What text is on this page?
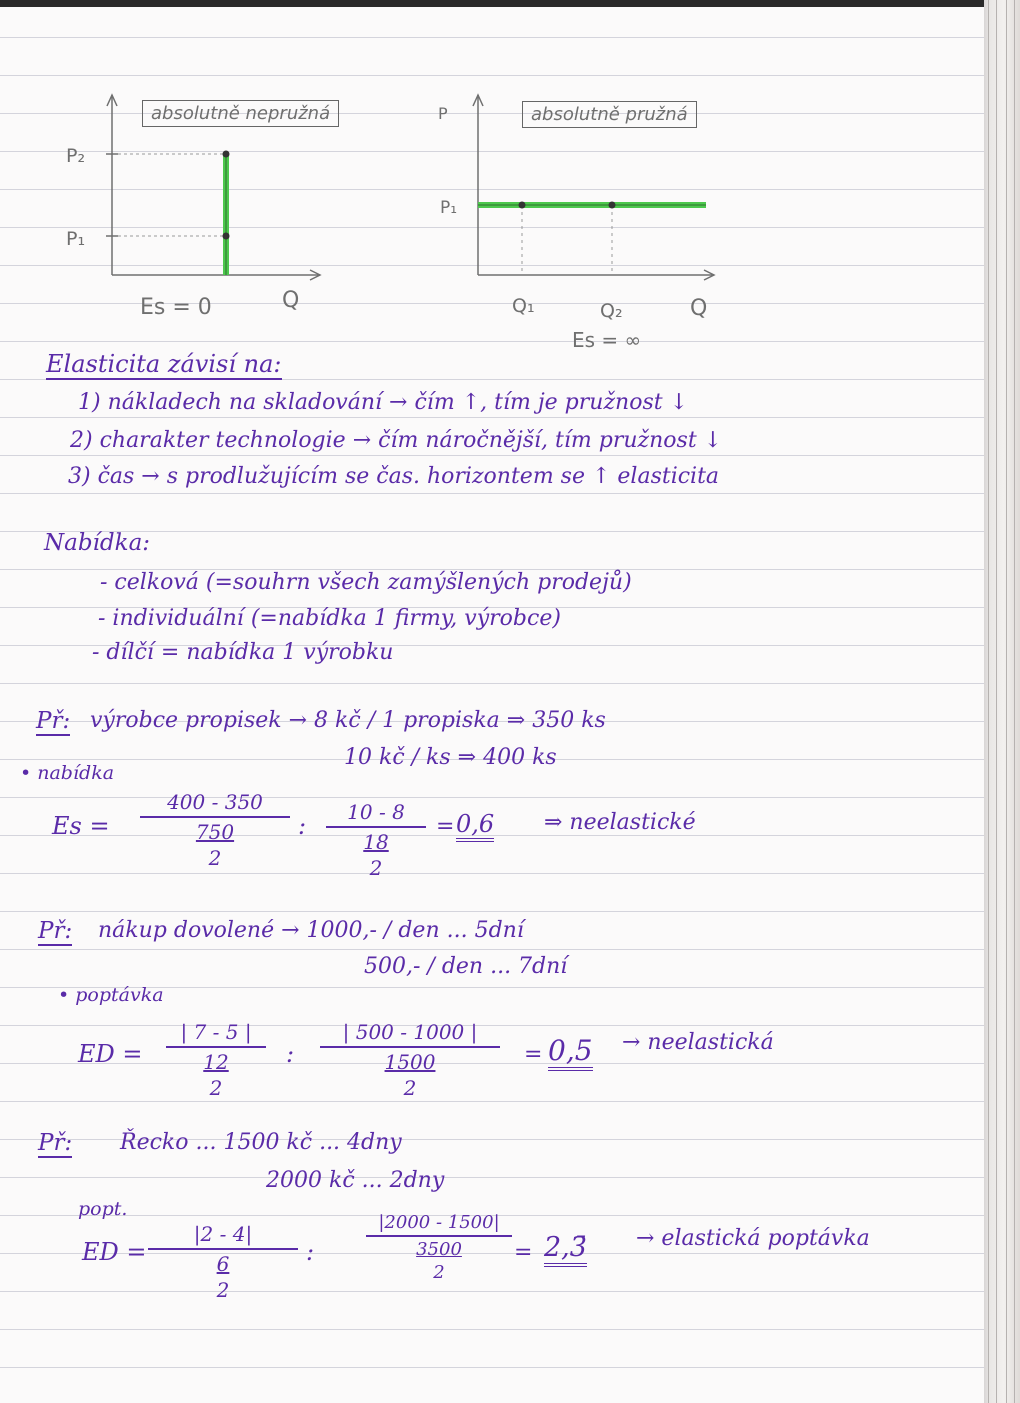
absolutně nepružná
P₂
P₁
Q
Es = 0
absolutně pružná
P
P₁
Q₁	Q₂	Q
Es = ∞
Elasticita závisí na:
1) nákladech na skladování → čím ↑, tím je pružnost ↓
2) charakter technologie → čím náročnější, tím pružnost ↓
3) čas → s prodlužujícím se čas. horizontem se ↑ elasticita
Nabídka:
- celková (=souhrn všech zamýšlených prodejů)
- individuální (=nabídka 1 firmy, výrobce)
- dílčí = nabídka 1 výrobku
Př: výrobce propisek → 8 kč / 1 propiska ⇒ 350 ks
10 kč / ks ⇒ 400 ks
• nabídka
Es =
400 - 350
750
2
:	10 - 8
18
2
= 0,6 ⇒ neelastické
Př: nákup dovolené → 1000,- / den ... 5dní
500,- / den ... 7dní
• poptávka
ED =
| 7 - 5 |
12
2
:
| 500 - 1000 |
1500
2
= 0,5 → neelastická
Př: Řecko ... 1500 kč ... 4dny
2000 kč ... 2dny
popt.
ED =
|2 - 4|
6
2
:
|2000 - 1500|
3500
2
= 2,3̄ → elastická poptávka
